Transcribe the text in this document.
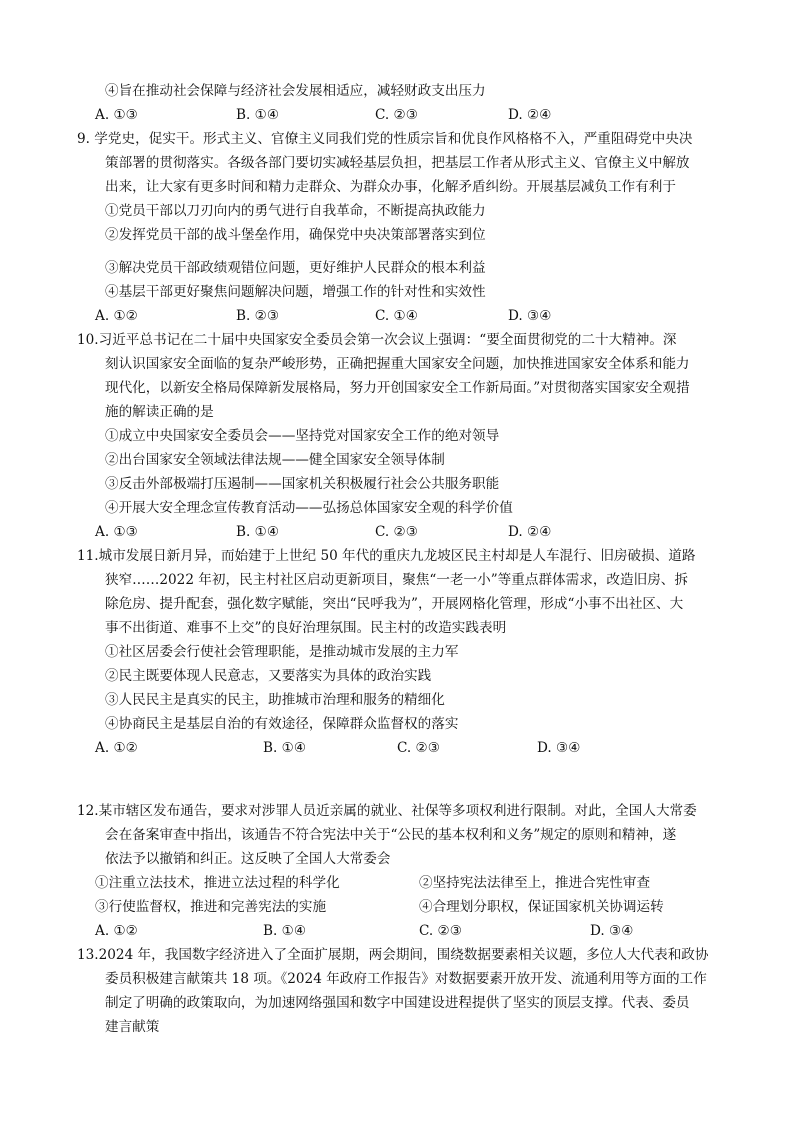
④旨在推动社会保障与经济社会发展相适应，减轻财政支出压力
A. ①③	B. ①④	C. ②③	D. ②④
9. 学党史，促实干。形式主义、官僚主义同我们党的性质宗旨和优良作风格格不入，严重阻碍党中央决
策部署的贯彻落实。各级各部门要切实减轻基层负担，把基层工作者从形式主义、官僚主义中解放
出来，让大家有更多时间和精力走群众、为群众办事，化解矛盾纠纷。开展基层减负工作有利于
①党员干部以刀刃向内的勇气进行自我革命，不断提高执政能力
②发挥党员干部的战斗堡垒作用，确保党中央决策部署落实到位
③解决党员干部政绩观错位问题，更好维护人民群众的根本利益
④基层干部更好聚焦问题解决问题，增强工作的针对性和实效性
A. ①②	B. ②③	C. ①④	D. ③④
10.习近平总书记在二十届中央国家安全委员会第一次会议上强调：“要全面贯彻党的二十大精神。深
刻认识国家安全面临的复杂严峻形势，正确把握重大国家安全问题，加快推进国家安全体系和能力
现代化，以新安全格局保障新发展格局，努力开创国家安全工作新局面。”对贯彻落实国家安全观措
施的解读正确的是
①成立中央国家安全委员会——坚持党对国家安全工作的绝对领导
②出台国家安全领域法律法规——健全国家安全领导体制
③反击外部极端打压遏制——国家机关积极履行社会公共服务职能
④开展大安全理念宣传教育活动——弘扬总体国家安全观的科学价值
A. ①③	B. ①④	C. ②③	D. ②④
11.城市发展日新月异，而始建于上世纪 50 年代的重庆九龙坡区民主村却是人车混行、旧房破损、道路
狭窄……2022 年初，民主村社区启动更新项目，聚焦“一老一小”等重点群体需求，改造旧房、拆
除危房、提升配套，强化数字赋能，突出“民呼我为”，开展网格化管理，形成“小事不出社区、大
事不出街道、难事不上交”的良好治理氛围。民主村的改造实践表明
①社区居委会行使社会管理职能，是推动城市发展的主力军
②民主既要体现人民意志，又要落实为具体的政治实践
③人民民主是真实的民主，助推城市治理和服务的精细化
④协商民主是基层自治的有效途径，保障群众监督权的落实
A. ①②	B. ①④	C. ②③	D. ③④
12.某市辖区发布通告，要求对涉罪人员近亲属的就业、社保等多项权利进行限制。对此，全国人大常委
会在备案审查中指出，该通告不符合宪法中关于“公民的基本权利和义务”规定的原则和精神，遂
依法予以撤销和纠正。这反映了全国人大常委会
①注重立法技术，推进立法过程的科学化	②坚持宪法法律至上，推进合宪性审查
③行使监督权，推进和完善宪法的实施	④合理划分职权，保证国家机关协调运转
A. ①②	B. ①④	C. ②③	D. ③④
13.2024 年，我国数字经济进入了全面扩展期，两会期间，围绕数据要素相关议题，多位人大代表和政协
委员积极建言献策共 18 项。《2024 年政府工作报告》对数据要素开放开发、流通利用等方面的工作
制定了明确的政策取向，为加速网络强国和数字中国建设进程提供了坚实的顶层支撑。代表、委员
建言献策
